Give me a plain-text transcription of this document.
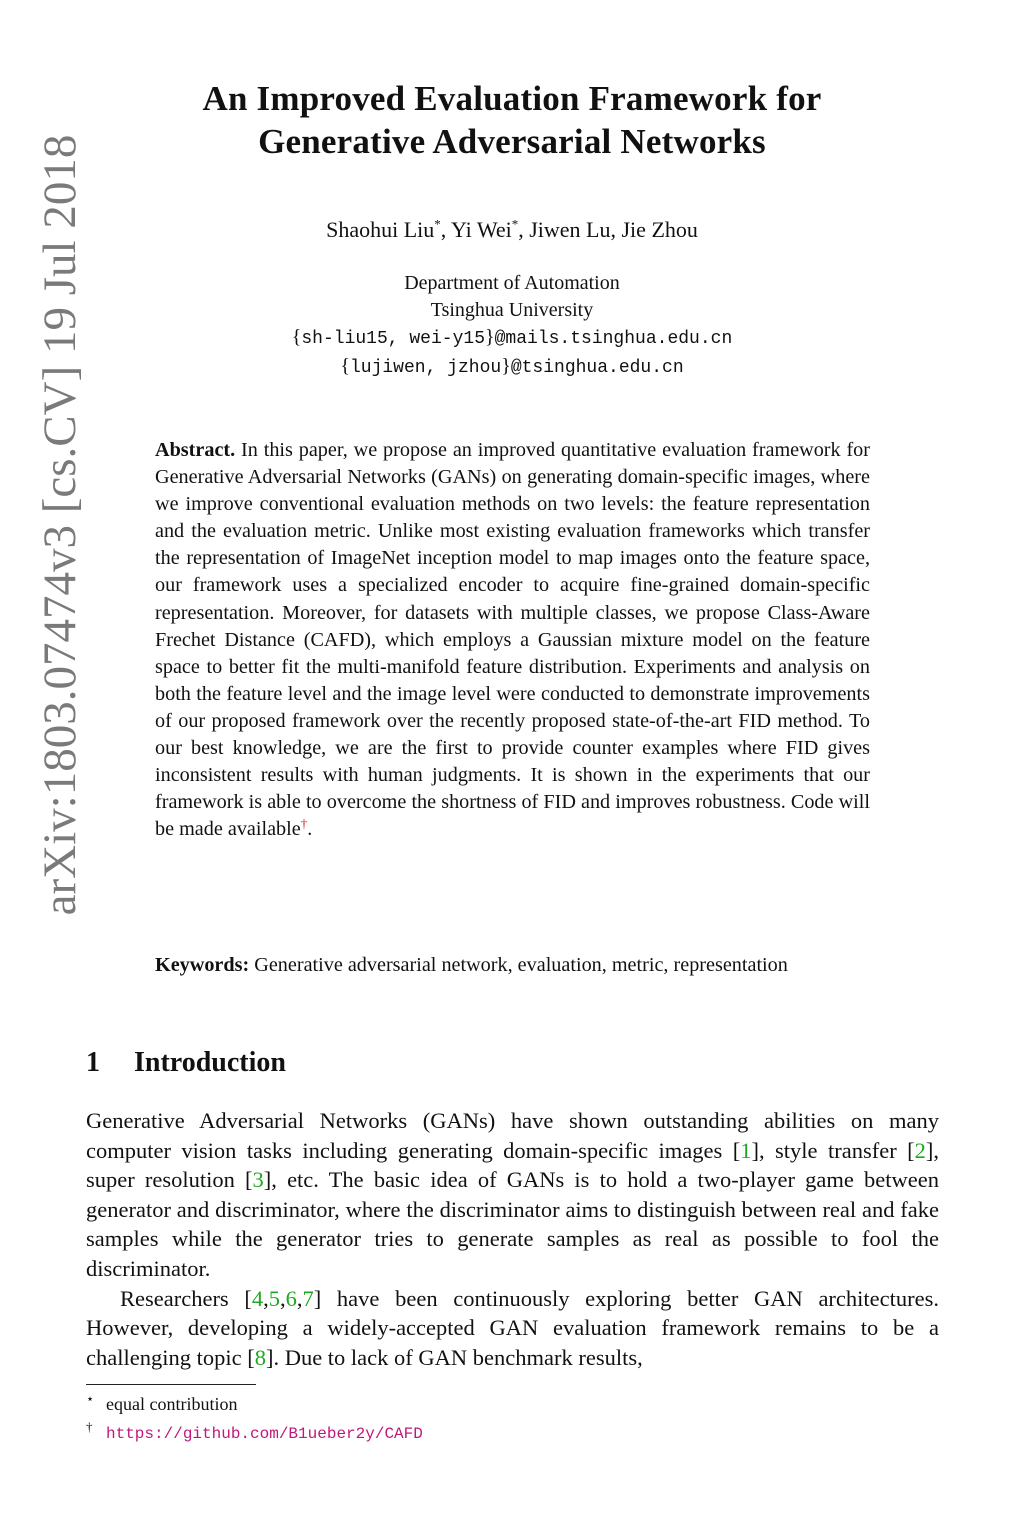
arXiv:1803.07474v3 [cs.CV] 19 Jul 2018
An Improved Evaluation Framework for
Generative Adversarial Networks
Shaohui Liu*, Yi Wei*, Jiwen Lu, Jie Zhou
Department of Automation
Tsinghua University
{sh-liu15, wei-y15}@mails.tsinghua.edu.cn
{lujiwen, jzhou}@tsinghua.edu.cn
Abstract. In this paper, we propose an improved quantitative evaluation framework for Generative Adversarial Networks (GANs) on generating domain-specific images, where we improve conventional evaluation methods on two levels: the feature representation and the evaluation metric. Unlike most existing evaluation frameworks which transfer the representation of ImageNet inception model to map images onto the feature space, our framework uses a specialized encoder to acquire fine-grained domain-specific representation. Moreover, for datasets with multiple classes, we propose Class-Aware Frechet Distance (CAFD), which employs a Gaussian mixture model on the feature space to better fit the multi-manifold feature distribution. Experiments and analysis on both the feature level and the image level were conducted to demonstrate improvements of our proposed framework over the recently proposed state-of-the-art FID method. To our best knowledge, we are the first to provide counter examples where FID gives inconsistent results with human judgments. It is shown in the experiments that our framework is able to overcome the shortness of FID and improves robustness. Code will be made available†.
Keywords: Generative adversarial network, evaluation, metric, representation
1 Introduction

Generative Adversarial Networks (GANs) have shown outstanding abilities on many computer vision tasks including generating domain-specific images [1], style transfer [2], super resolution [3], etc. The basic idea of GANs is to hold a two-player game between generator and discriminator, where the discriminator aims to distinguish between real and fake samples while the generator tries to generate samples as real as possible to fool the discriminator.

Researchers [4,5,6,7] have been continuously exploring better GAN architectures. However, developing a widely-accepted GAN evaluation framework remains to be a challenging topic [8]. Due to lack of GAN benchmark results,

⋆ equal contribution
† https://github.com/B1ueber2y/CAFD
